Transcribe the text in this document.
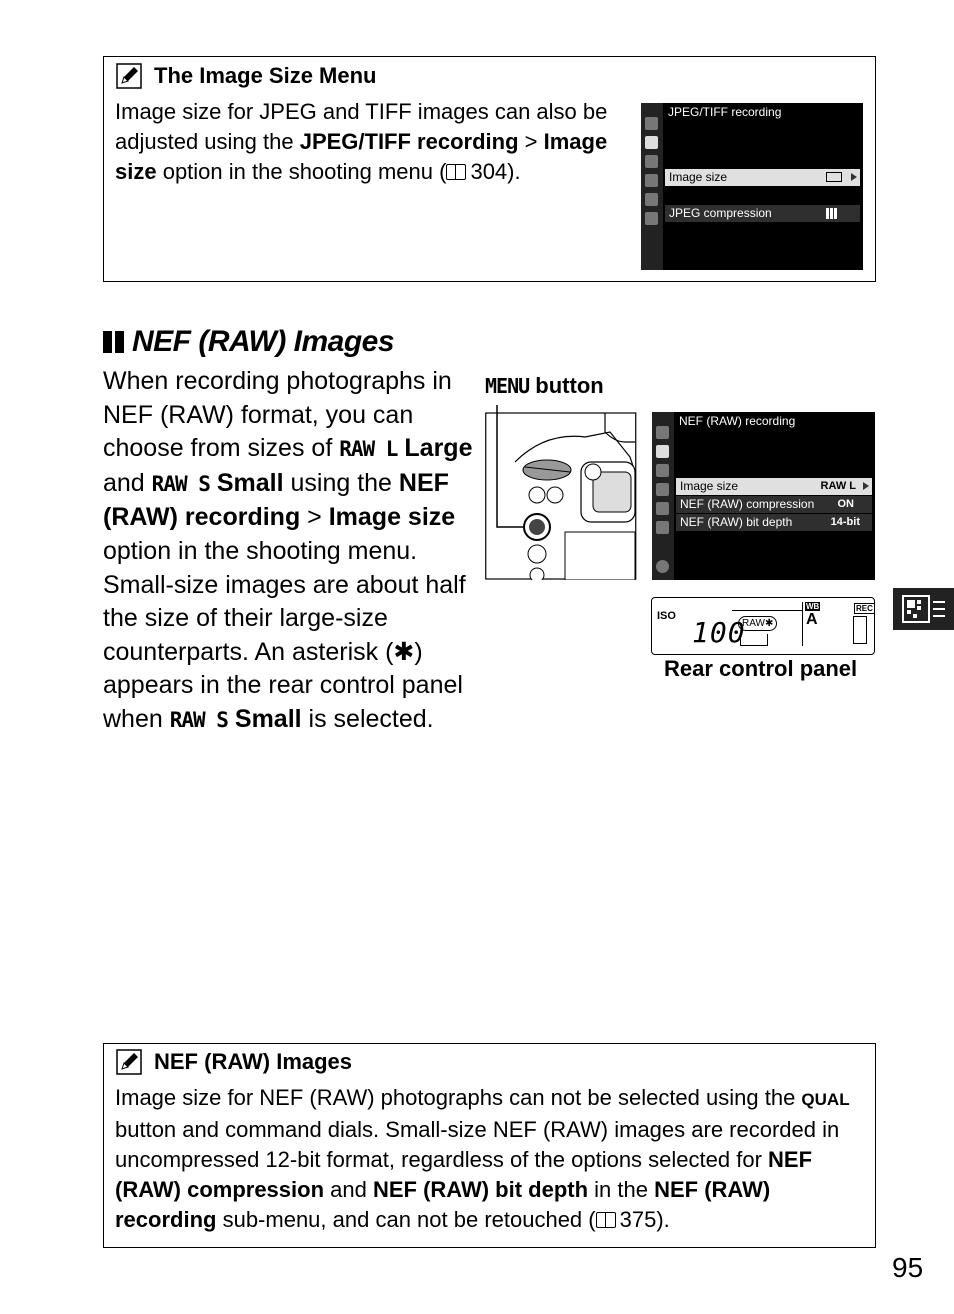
The Image Size Menu

Image size for JPEG and TIFF images can also be adjusted using the JPEG/TIFF recording > Image size option in the shooting menu ( 304).

JPEG/TIFF recording
Image size
JPEG compression
NEF (RAW) Images

When recording photographs in NEF (RAW) format, you can choose from sizes of RAW L Large and RAW S Small using the NEF (RAW) recording > Image size option in the shooting menu. Small-size images are about half the size of their large-size counterparts. An asterisk (✱) appears in the rear control panel when RAW S Small is selected.

MENU button
NEF (RAW) recording
Image size	RAW L
NEF (RAW) compression ON
NEF (RAW) bit depth	14-bit
ISO 100
RAW✱
WB
A
REC
Rear control panel
NEF (RAW) Images

Image size for NEF (RAW) photographs can not be selected using the QUAL button and command dials. Small-size NEF (RAW) images are recorded in uncompressed 12-bit format, regardless of the options selected for NEF (RAW) compression and NEF (RAW) bit depth in the NEF (RAW) recording sub-menu, and can not be retouched ( 375).

95
